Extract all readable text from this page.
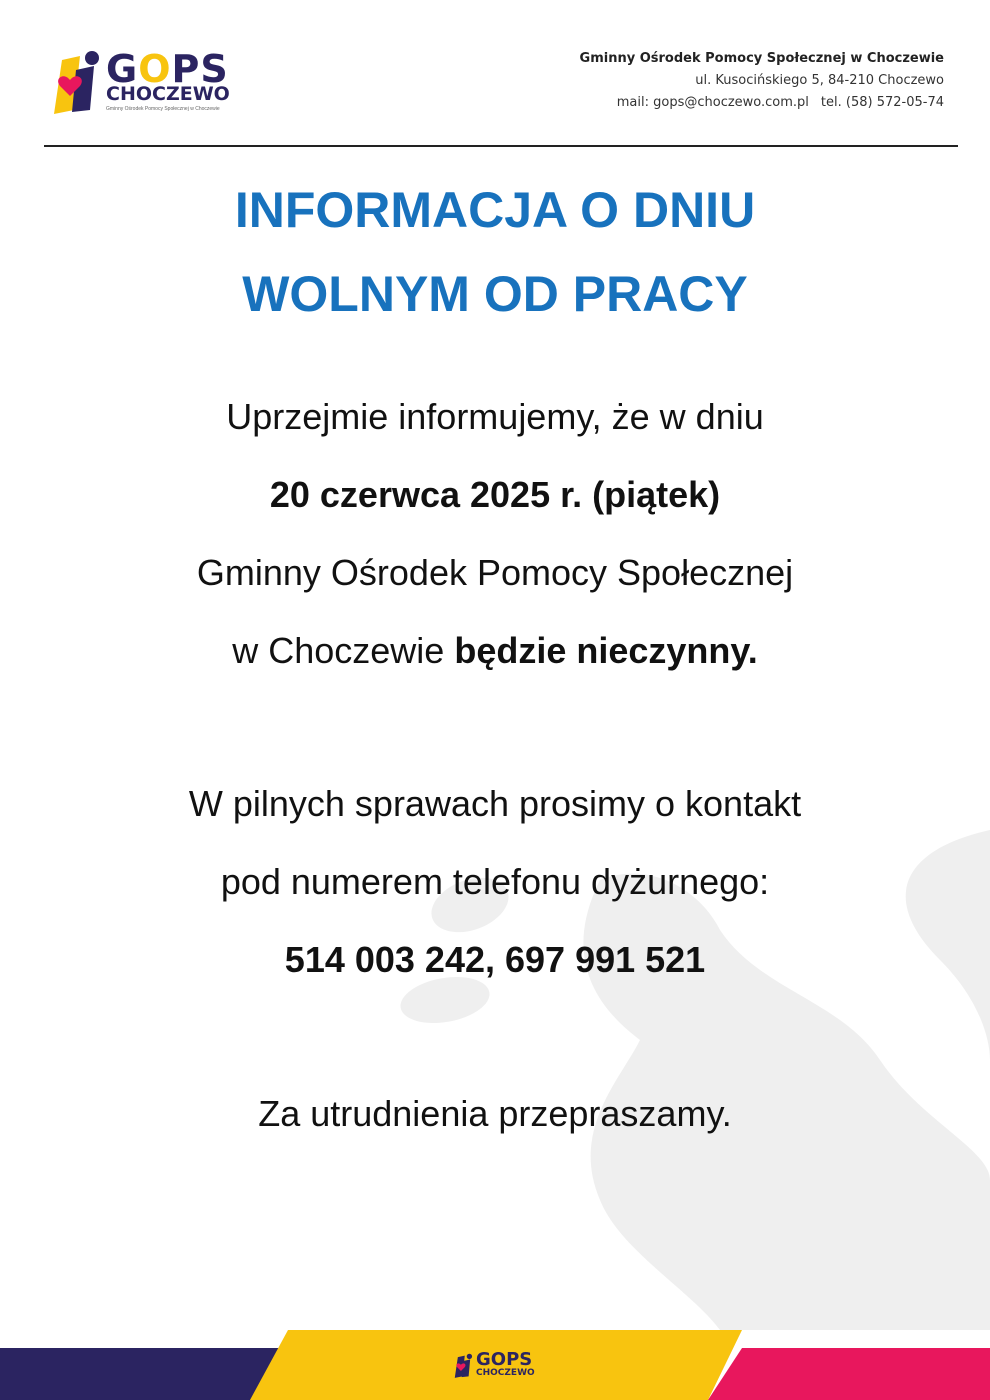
GOPS
CHOCZEWO
Gminny Ośrodek Pomocy Społecznej w Choczewie
Gminny Ośrodek Pomocy Społecznej w Choczewie
ul. Kusocińskiego 5, 84-210 Choczewo
mail: gops@choczewo.com.pl tel. (58) 572-05-74
INFORMACJA O DNIU
WOLNYM OD PRACY
Uprzejmie informujemy, że w dniu
20 czerwca 2025 r. (piątek)
Gminny Ośrodek Pomocy Społecznej
w Choczewie będzie nieczynny.
W pilnych sprawach prosimy o kontakt
pod numerem telefonu dyżurnego:
514 003 242, 697 991 521
Za utrudnienia przepraszamy.
GOPS
CHOCZEWO
